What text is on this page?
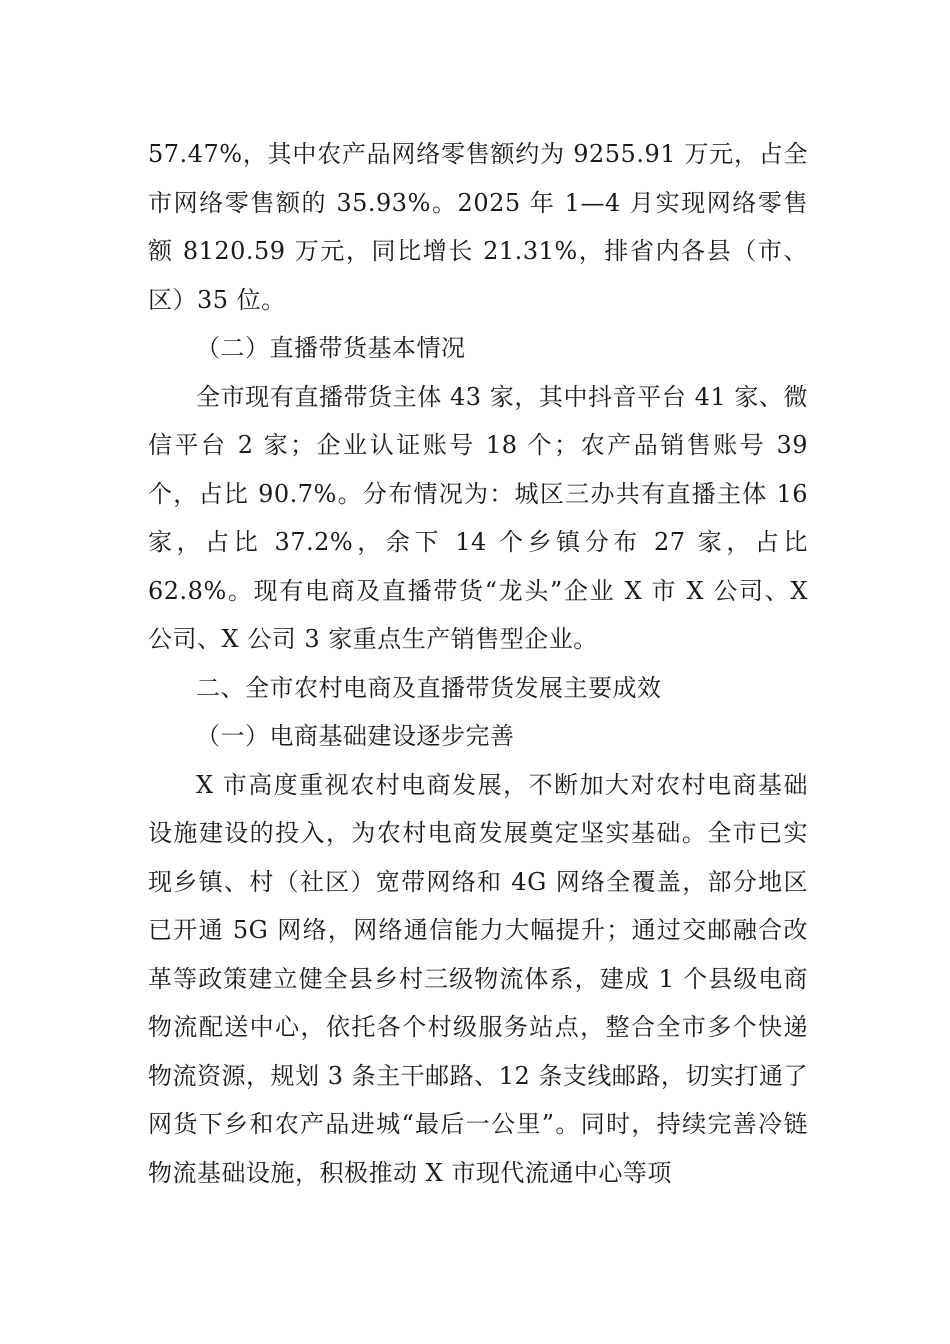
57.47%，其中农产品网络零售额约为 9255.91 万元，占全市网络零售额的 35.93%。2025 年 1—4 月实现网络零售额 8120.59 万元，同比增长 21.31%，排省内各县（市、区）35 位。

（二）直播带货基本情况

全市现有直播带货主体 43 家，其中抖音平台 41 家、微信平台 2 家；企业认证账号 18 个；农产品销售账号 39 个，占比 90.7%。分布情况为：城区三办共有直播主体 16 家，占比 37.2%，余下 14 个乡镇分布 27 家，占比 62.8%。现有电商及直播带货“龙头”企业 X 市 X 公司、X 公司、X 公司 3 家重点生产销售型企业。

二、全市农村电商及直播带货发展主要成效

（一）电商基础建设逐步完善

X 市高度重视农村电商发展，不断加大对农村电商基础设施建设的投入，为农村电商发展奠定坚实基础。全市已实现乡镇、村（社区）宽带网络和 4G 网络全覆盖，部分地区已开通 5G 网络，网络通信能力大幅提升；通过交邮融合改革等政策建立健全县乡村三级物流体系，建成 1 个县级电商物流配送中心，依托各个村级服务站点，整合全市多个快递物流资源，规划 3 条主干邮路、12 条支线邮路，切实打通了网货下乡和农产品进城“最后一公里”。同时，持续完善冷链物流基础设施，积极推动 X 市现代流通中心等项
